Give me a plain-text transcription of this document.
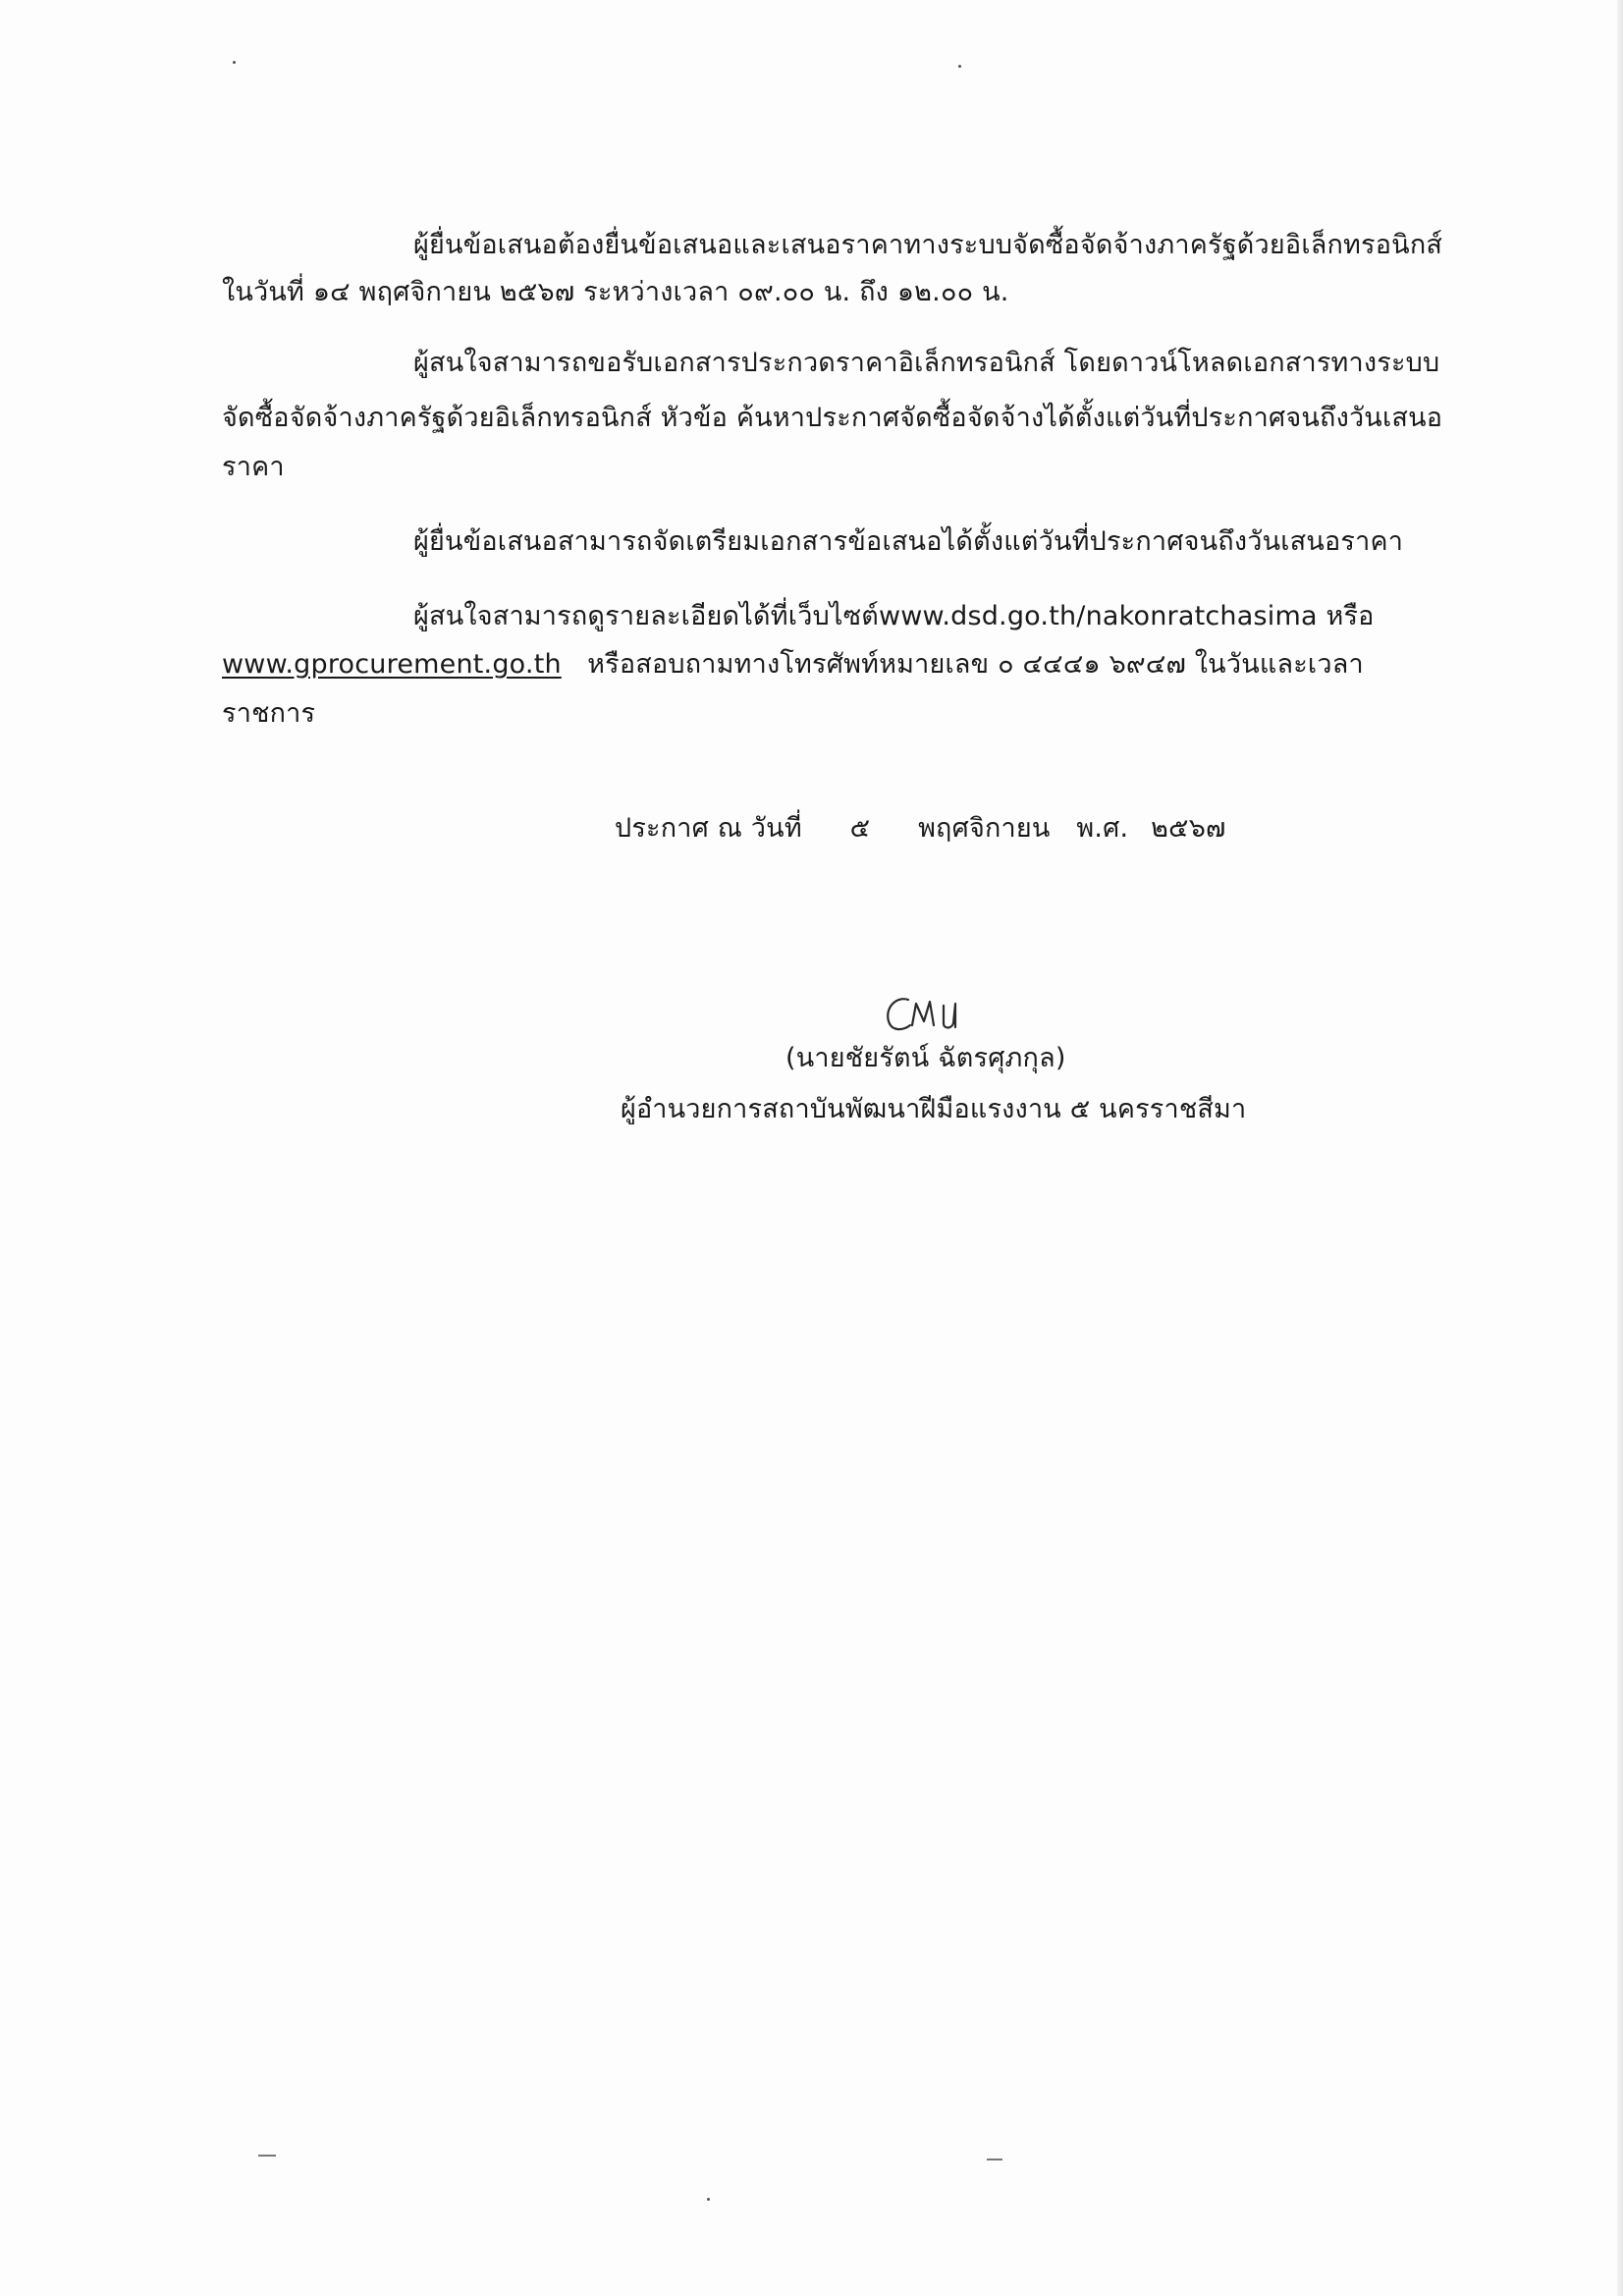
ผู้ยื่นข้อเสนอต้องยื่นข้อเสนอและเสนอราคาทางระบบจัดซื้อจัดจ้างภาครัฐด้วยอิเล็กทรอนิกส์
ในวันที่ ๑๔ พฤศจิกายน ๒๕๖๗ ระหว่างเวลา ๐๙.๐๐ น. ถึง ๑๒.๐๐ น.
ผู้สนใจสามารถขอรับเอกสารประกวดราคาอิเล็กทรอนิกส์ โดยดาวน์โหลดเอกสารทางระบบ
จัดซื้อจัดจ้างภาครัฐด้วยอิเล็กทรอนิกส์ หัวข้อ ค้นหาประกาศจัดซื้อจัดจ้างได้ตั้งแต่วันที่ประกาศจนถึงวันเสนอ
ราคา
ผู้ยื่นข้อเสนอสามารถจัดเตรียมเอกสารข้อเสนอได้ตั้งแต่วันที่ประกาศจนถึงวันเสนอราคา
ผู้สนใจสามารถดูรายละเอียดได้ที่เว็บไซต์www.dsd.go.th/nakonratchasima หรือ
www.gprocurement.go.th หรือสอบถามทางโทรศัพท์หมายเลข ๐ ๔๔๔๑ ๖๙๔๗ ในวันและเวลา
ราชการ
ประกาศ ณ วันที่ ๕ พฤศจิกายน พ.ศ. ๒๕๖๗
(นายชัยรัตน์ ฉัตรศุภกุล)
ผู้อำนวยการสถาบันพัฒนาฝีมือแรงงาน ๕ นครราชสีมา
